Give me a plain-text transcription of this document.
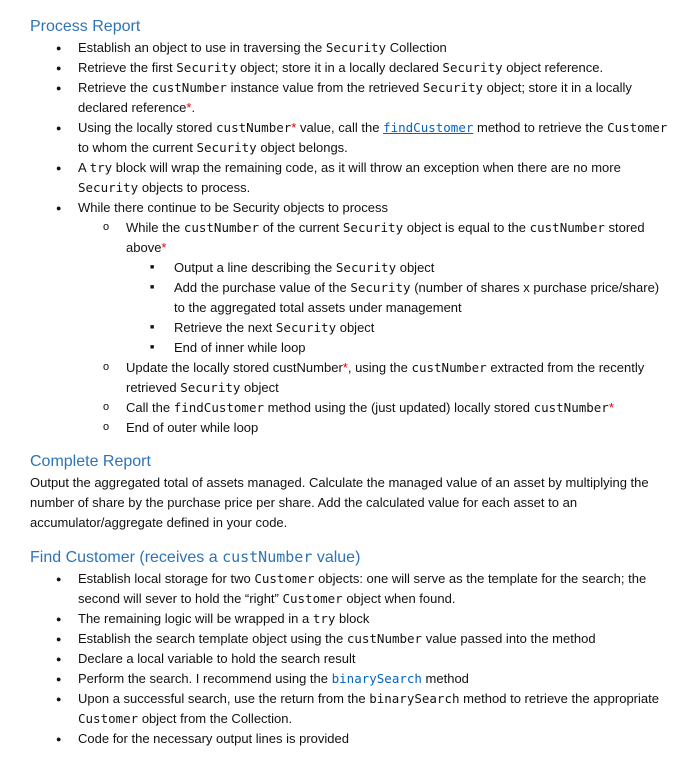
Process Report
● Establish an object to use in traversing the Security Collection
● Retrieve the first Security object; store it in a locally declared Security object reference.
● Retrieve the custNumber instance value from the retrieved Security object; store it in a locally declared reference*.
● Using the locally stored custNumber* value, call the findCustomer method to retrieve the Customer to whom the current Security object belongs.
● A try block will wrap the remaining code, as it will throw an exception when there are no more Security objects to process.
● While there continue to be Security objects to process
o While the custNumber of the current Security object is equal to the custNumber stored above*
■ Output a line describing the Security object
■ Add the purchase value of the Security (number of shares x purchase price/share) to the aggregated total assets under management
■ Retrieve the next Security object
■ End of inner while loop
o Update the locally stored custNumber*, using the custNumber extracted from the recently retrieved Security object
o Call the findCustomer method using the (just updated) locally stored custNumber*
o End of outer while loop
Complete Report

Output the aggregated total of assets managed. Calculate the managed value of an asset by multiplying the number of share by the purchase price per share. Add the calculated value for each asset to an accumulator/aggregate defined in your code.

Find Customer (receives a custNumber value)
● Establish local storage for two Customer objects: one will serve as the template for the search; the second will sever to hold the “right” Customer object when found.
● The remaining logic will be wrapped in a try block
● Establish the search template object using the custNumber value passed into the method
● Declare a local variable to hold the search result
● Perform the search. I recommend using the binarySearch method
● Upon a successful search, use the return from the binarySearch method to retrieve the appropriate Customer object from the Collection.
● Code for the necessary output lines is provided
